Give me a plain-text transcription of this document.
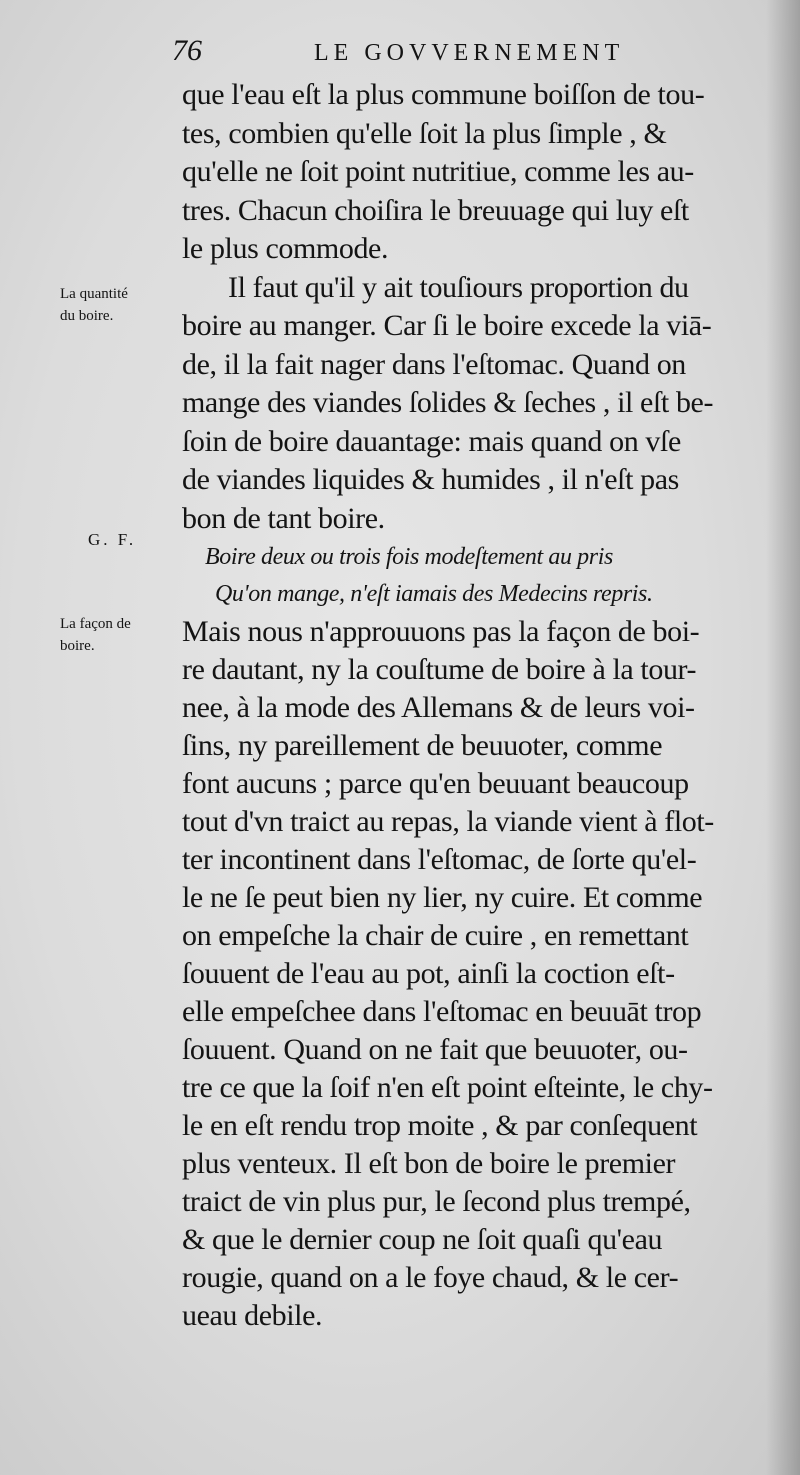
76	LE GOVVERNEMENT
La quantité
du boire.
G. F.
La façon de
boire.
que l'eau eſt la plus commune boiſſon de tou-
tes, combien qu'elle ſoit la plus ſimple , &
qu'elle ne ſoit point nutritiue, comme les au-
tres. Chacun choiſira le breuuage qui luy eſt
le plus commode.
Il faut qu'il y ait touſiours proportion du
boire au manger. Car ſi le boire excede la viā-
de, il la fait nager dans l'eſtomac. Quand on
mange des viandes ſolides & ſeches , il eſt be-
ſoin de boire dauantage: mais quand on vſe
de viandes liquides & humides , il n'eſt pas
bon de tant boire.
Boire deux ou trois fois modeſtement au pris
Qu'on mange, n'eſt iamais des Medecins repris.
Mais nous n'approuuons pas la façon de boi-
re dautant, ny la couſtume de boire à la tour-
nee, à la mode des Allemans & de leurs voi-
ſins, ny pareillement de beuuoter, comme
font aucuns ; parce qu'en beuuant beaucoup
tout d'vn traict au repas, la viande vient à flot-
ter incontinent dans l'eſtomac, de ſorte qu'el-
le ne ſe peut bien ny lier, ny cuire. Et comme
on empeſche la chair de cuire , en remettant
ſouuent de l'eau au pot, ainſi la coction eſt-
elle empeſchee dans l'eſtomac en beuuāt trop
ſouuent. Quand on ne fait que beuuoter, ou-
tre ce que la ſoif n'en eſt point eſteinte, le chy-
le en eſt rendu trop moite , & par conſequent
plus venteux. Il eſt bon de boire le premier
traict de vin plus pur, le ſecond plus trempé,
& que le dernier coup ne ſoit quaſi qu'eau
rougie, quand on a le foye chaud, & le cer-
ueau debile.
